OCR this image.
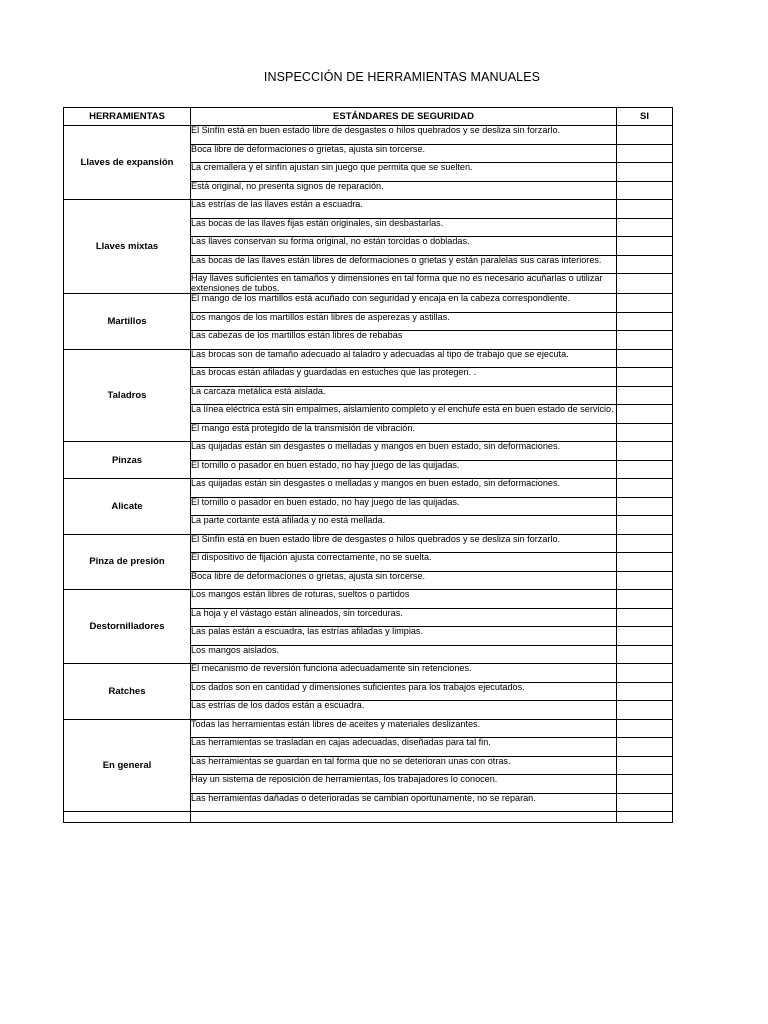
INSPECCIÓN DE HERRAMIENTAS MANUALES
HERRAMIENTAS	ESTÁNDARES DE SEGURIDAD	SI
Llaves de expansión	El Sinfín está en buen estado libre de desgastes o hilos quebrados y se desliza sin forzarlo.	
	Boca libre de deformaciones o grietas, ajusta sin torcerse.	
	La cremallera y el sinfín ajustan sin juego que permita que se suelten.	
	Está original, no presenta signos de reparación.	
Llaves mixtas	Las estrías de las llaves están a escuadra.	
	Las bocas de las llaves fijas están originales, sin desbastarlas.	
	Las llaves conservan su forma original, no están torcidas o dobladas.	
	Las bocas de las llaves están libres de deformaciones o grietas y están paralelas sus caras interiores.	
	Hay llaves suficientes en tamaños y dimensiones en tal forma que no es necesario acuñarlas o utilizar extensiones de tubos.	
Martillos	El mango de los martillos está acuñado con seguridad y encaja en la cabeza correspondiente.	
	Los mangos de los martillos están libres de asperezas y astillas.	
	Las cabezas de los martillos están libres de rebabas	
Taladros	Las brocas son de tamaño adecuado al taladro y adecuadas al tipo de trabajo que se ejecuta.	
	Las brocas están afiladas y guardadas en estuches que las protegen. .	
	La carcaza metálica está aislada.	
	La línea eléctrica está sin empalmes, aislamiento completo y el enchufe está en buen estado de servicio.	
	El mango está protegido de la transmisión de vibración.	
Pinzas	Las quijadas están sin desgastes o melladas y mangos en buen estado, sin deformaciones.	
	El tornillo o pasador en buen estado, no hay juego de las quijadas.	
Alicate	Las quijadas están sin desgastes o melladas y mangos en buen estado, sin deformaciones.	
	El tornillo o pasador en buen estado, no hay juego de las quijadas.	
	La parte cortante está afilada y no está mellada.	
Pinza de presión	El Sinfín está en buen estado libre de desgastes o hilos quebrados y se desliza sin forzarlo.	
	El dispositivo de fijación ajusta correctamente, no se suelta.	
	Boca libre de deformaciones o grietas, ajusta sin torcerse.	
Destornilladores	Los mangos están libres de roturas, sueltos o partidos	
	La hoja y el vástago están alineados, sin torceduras.	
	Las palas están a escuadra, las estrías afiladas y limpias.	
	Los mangos aislados.	
Ratches	El mecanismo de reversión funciona adecuadamente sin retenciones.	
	Los dados son en cantidad y dimensiones suficientes para los trabajos ejecutados.	
	Las estrías de los dados están a escuadra.	
En general	Todas las herramientas están libres de aceites y materiales deslizantes.	
	Las herramientas se trasladan en cajas adecuadas, diseñadas para tal fin.	
	Las herramientas se guardan en tal forma que no se deterioran unas con otras.	
	Hay un sistema de reposición de herramientas, los trabajadores lo conocen.	
	Las herramientas dañadas o deterioradas se cambian oportunamente, no se reparan.	
